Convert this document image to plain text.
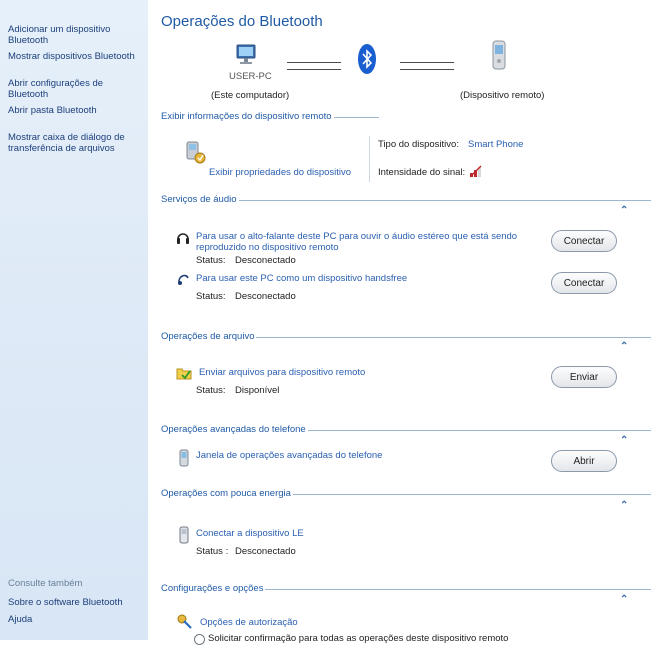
Adicionar um dispositivo Bluetooth
Mostrar dispositivos Bluetooth
Abrir configurações de Bluetooth
Abrir pasta Bluetooth
Mostrar caixa de diálogo de transferência de arquivos
Consulte também
Sobre o software Bluetooth
Ajuda
Operações do Bluetooth
USER-PC
(Este computador)	(Dispositivo remoto)
Exibir informações do dispositivo remoto
Exibir propriedades do dispositivo
Tipo do dispositivo: Smart Phone
Intensidade do sinal:
Serviços de áudio
⌃
Para usar o alto-falante deste PC para ouvir o áudio estéreo que está sendo reproduzido no dispositivo remoto
Status: Desconectado
Conectar
Para usar este PC como um dispositivo handsfree
Status: Desconectado
Conectar
Operações de arquivo
⌃
Enviar arquivos para dispositivo remoto
Status: Disponível
Enviar
Operações avançadas do telefone
⌃
Janela de operações avançadas do telefone	Abrir
Operações com pouca energia
⌃
Conectar a dispositivo LE
Status : Desconectado
Configurações e opções
⌃
Opções de autorização
Solicitar confirmação para todas as operações deste dispositivo remoto
